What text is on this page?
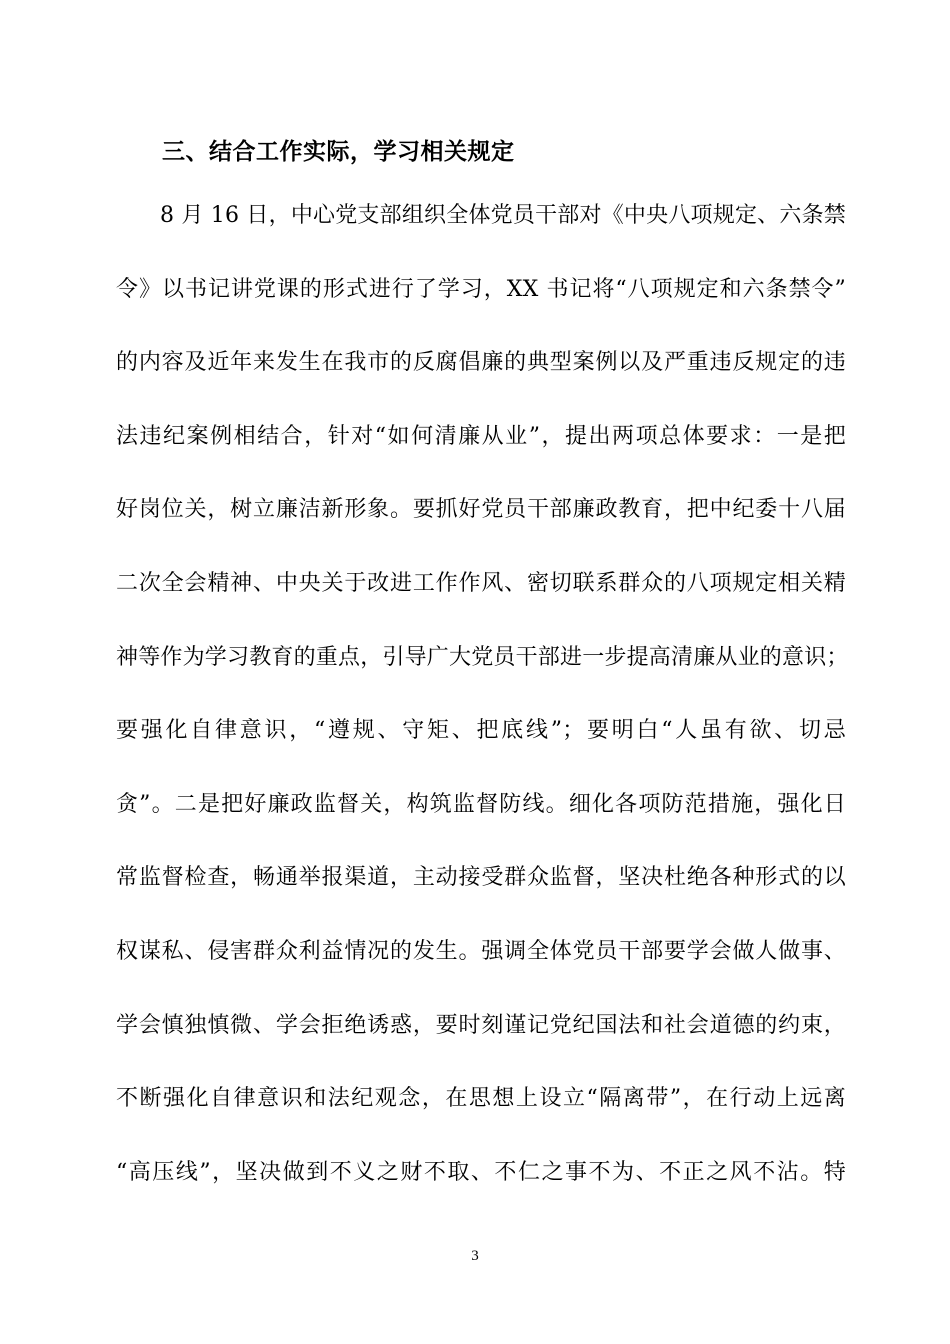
三、结合工作实际，学习相关规定
8 月 16 日，中心党支部组织全体党员干部对《中央八项规定、六条禁
令》以书记讲党课的形式进行了学习，XX 书记将“八项规定和六条禁令”
的内容及近年来发生在我市的反腐倡廉的典型案例以及严重违反规定的违
法违纪案例相结合，针对“如何清廉从业”，提出两项总体要求：一是把
好岗位关，树立廉洁新形象。要抓好党员干部廉政教育，把中纪委十八届
二次全会精神、中央关于改进工作作风、密切联系群众的八项规定相关精
神等作为学习教育的重点，引导广大党员干部进一步提高清廉从业的意识；
要强化自律意识，“遵规、守矩、把底线”；要明白“人虽有欲、切忌
贪”。二是把好廉政监督关，构筑监督防线。细化各项防范措施，强化日
常监督检查，畅通举报渠道，主动接受群众监督，坚决杜绝各种形式的以
权谋私、侵害群众利益情况的发生。强调全体党员干部要学会做人做事、
学会慎独慎微、学会拒绝诱惑，要时刻谨记党纪国法和社会道德的约束，
不断强化自律意识和法纪观念，在思想上设立“隔离带”，在行动上远离
“高压线”，坚决做到不义之财不取、不仁之事不为、不正之风不沾。特
3
